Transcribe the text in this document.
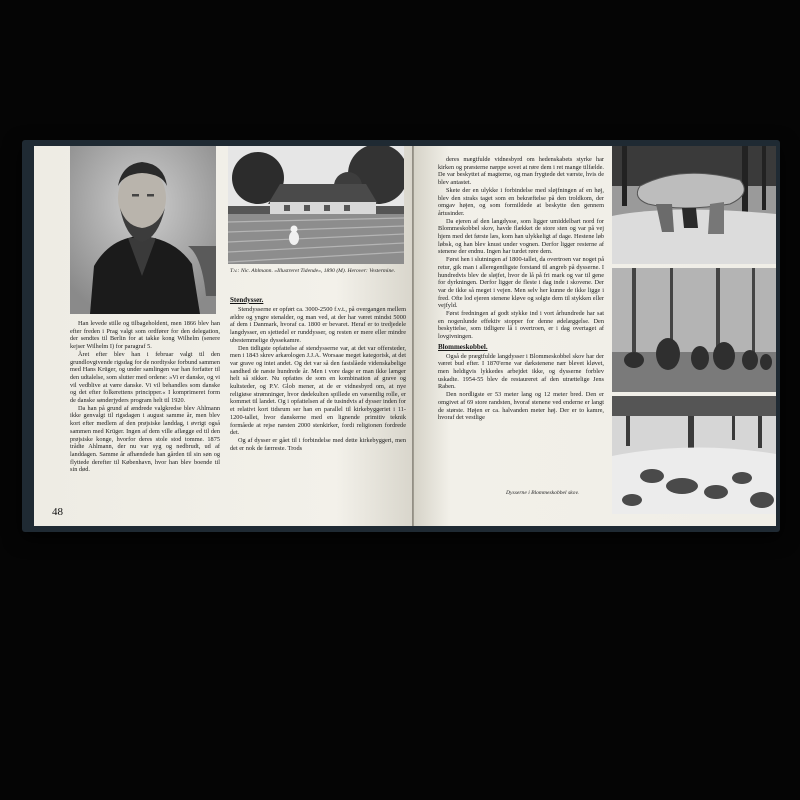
T.v.: Nic. Ahlmann. »Illustreret Tidende«, 1890 (M). Herover: Vestermine.

Han levede stille og tilbageholdent, men 1866 blev han efter freden i Prag valgt som ordfører for den delegation, der sendtes til Berlin for at takke kong Wilhelm (senere kejser Wilhelm I) for paragraf 5.

Året efter blev han i februar valgt til den grundlovgivende rigsdag for de nordtyske forbund sammen med Hans Krüger, og under samlingen var han forfatter til den udtalelse, som slutter med ordene: »Vi er danske, og vi vil vedblive at være danske. Vi vil behandles som danske og det efter folkerettens principper.« I komprimeret form de danske sønderjyders program helt til 1920.

Da han på grund af ændrede valgkredse blev Ahlmann ikke genvalgt til rigsdagen i august samme år, men blev kort efter medlem af den prøjsiske landdag, i øvrigt også sammen med Krüger. Ingen af dem ville aflægge ed til den prøjsiske konge, hvorfor deres stole stod tomme. 1875 trådte Ahlmann, der nu var syg og nedbrudt, ud af landdagen. Samme år afhændede han gården til sin søn og flyttede derefter til København, hvor han blev boende til sin død.

Stendysser.

Stendysserne er opført ca. 3000-2500 f.v.t., på overgangen mellem ældre og yngre stenalder, og man ved, at der har været mindst 5000 af dem i Danmark, hvoraf ca. 1800 er bevaret. Heraf er to tredjedele langdysser, en sjettedel er runddysser, og resten er mere eller mindre ubestemmelige dyssekamre.

Den tidligste opfattelse af stendysserne var, at det var offersteder, men i 1843 skrev arkæologen J.J.A. Worsaae meget kategorisk, at det var grave og intet andet. Og det var så den fastslåede videnskabelige sandhed de næste hundrede år. Men i vore dage er man ikke længer helt så sikker. Nu opfattes de som en kombination af grave og kultsteder, og P.V. Glob mener, at de er vidnesbyrd om, at nye religiøse strømninger, hvor dødekulten spillede en væsentlig rolle, er kommet til landet. Og i opfattelsen af de tusindvis af dysser inden for et relativt kort tidsrum ser han en parallel til kirkebyggeriet i 11-1200-tallet, hvor danskerne med en lignende primitiv teknik formåede at rejse næsten 2000 stenkirker, fordi religionen fordrede det.

Og af dysser er gået til i forbindelse med dette kirkebyggeri, men det er nok de færreste. Trods

48

deres mægtfulde vidnesbyrd om hedenskabets styrke har kirken og præsterne næppe sovet at røre dem i ret mange tilfælde. De var beskyttet af magterne, og man frygtede det værste, hvis de blev antastet.

Skete der en ulykke i forbindelse med sløjfningen af en høj, blev den straks taget som en bekræftelse på den troldkom, der omgav højen, og som formildede at beskytte den gennem årtusinder.

Da ejeren af den langdysse, som ligger umiddelbart nord for Blommeskobbel skov, havde flækket de store sten og var på vej hjem med det første læs, kom han ulykkeligt af dage. Hestene løb løbsk, og han blev knust under vognen. Derfor ligger resterne af stenene der endnu. Ingen har turdet røre dem.

Først hen i slutningen af 1800-tallet, da overtroen var noget på retur, gik man i alleregentligste forstand til angreb på dysserne. I hundredvis blev de sløjfet, hvor de lå på fri mark og var til gene for dyrkningen. Derfor ligger de fleste i dag inde i skovene. Der var de ikke så meget i vejen. Men selv her kunne de ikke ligge i fred. Ofte lod ejeren stenene kløve og solgte dem til stykken eller vejfyld.

Først fredningen af godt stykke ind i vort århundrede har sat en nogenlunde effektiv stopper for denne ødelæggelse. Den beskyttelse, som tidligere lå i overtroen, er i dag overtaget af lovgivningen.

Blommeskobbel.

Også de prægtfulde langdysser i Blommeskobbel skov har der været bud efter. I 1870'erne var dækstenene nær blevet kløvet, men heldigvis lykkedes arbejdet ikke, og dysserne forblev uskadte. 1954-55 blev de restaureret af den utrættelige Jens Raben.

Den nordligste er 53 meter lang og 12 meter bred. Den er omgivet af 69 store randsten, hvoraf stenene ved enderne er langt de største. Højen er ca. halvanden meter høj. Der er to kamre, hvoraf det vestlige

Dysserne i Blommeskobbel skov.
